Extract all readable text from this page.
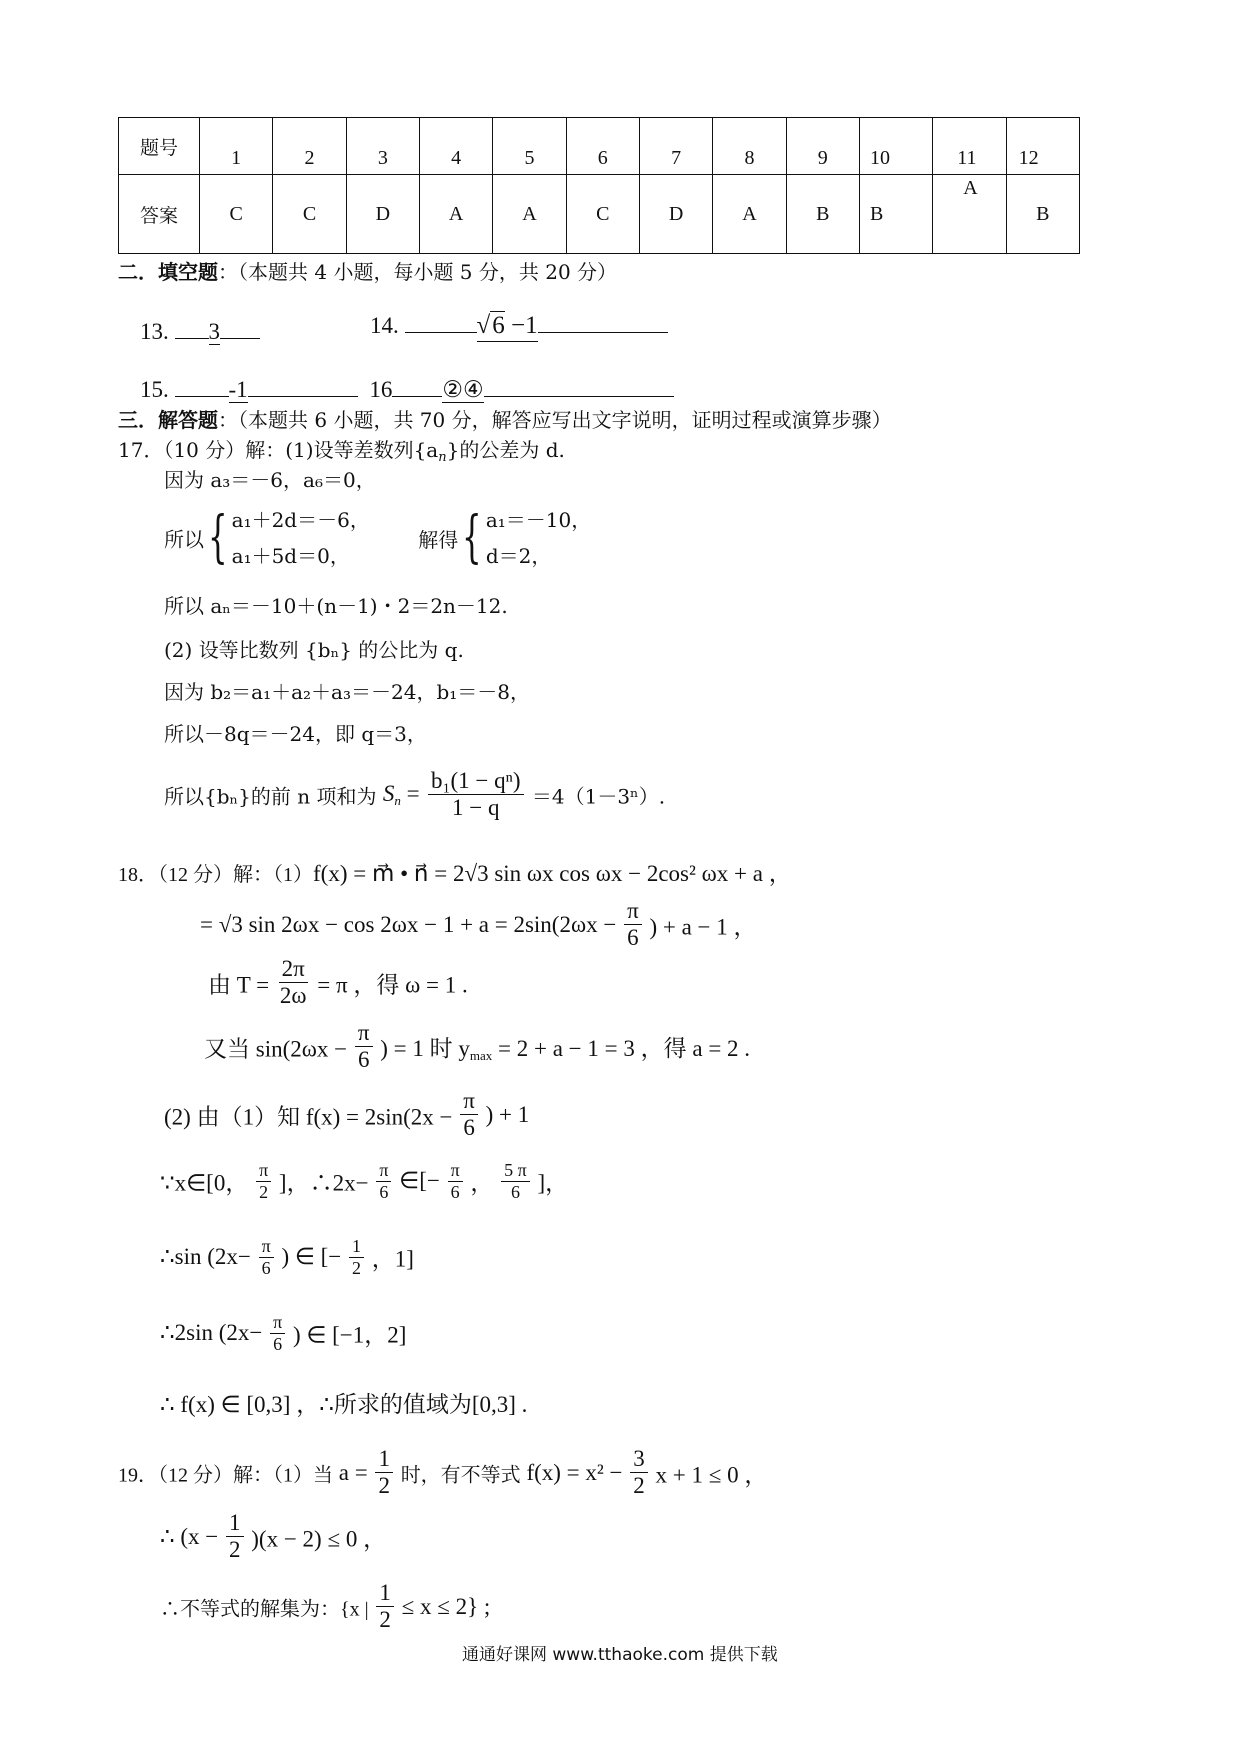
题号	1	2	3	4	5	6	7	8	9	10	11	12
答案	C	C	D	A	A	C	D	A	B	B	A	B
二．填空题：（本题共 4 小题，每小题 5 分，共 20 分）
13. 3	14.	√6 −1
15.	-1	16 ②④
三．解答题：（本题共 6 小题，共 70 分，解答应写出文字说明，证明过程或演算步骤）
17．（10 分）解：(1)设等差数列$\{a_n\}$的公差为 d.
因为 a₃＝－6，a₆＝0，
所以{ a₁＋2d＝－6，
a₁＋5d＝0，
解得{ a₁＝－10，
d＝2，
所以 aₙ＝－10＋(n－1)・2＝2n－12.
(2) 设等比数列 {bₙ} 的公比为 q.
因为 b₂＝a₁＋a₂＋a₃＝－24，b₁＝－8，
所以－8q＝－24，即 q＝3，
所以{bₙ}的前 n 项和为 $S_n = \frac{\text{b₁(1 − qⁿ)}}{1 - q} =4(1-3^n)$.
18．（12 分）解：（1）f(x) = m⃗ • n⃗ = 2√3 sin ωx cos ωx − 2cos² ωx + a ，
= √3 $\sin 2\omega x - \cos 2\omega x - 1 + a = 2\sin(2\omega x - \frac{\pi}{6}$ ) + a − 1 ，
由 $T = \frac{2\pi}{2\omega} = \pi$ ，得 ω = 1 .
又当 $\sin(2\omega x - \frac{\pi}{6}$ ) = 1 时 $y_{max} = 2 + a - 1 = 3$ ，得 a = 2 .
(2) 由（1）知 $f(x) = 2\sin(2x - \frac{\pi}{6}$ ) + 1
∵x∈[0， $\frac{\pi}{2}$ ]，∴2x− $\frac{\pi}{6}$ ∈[− $\frac{\pi}{6}$ ， $\frac{5 \pi}{6}$ ]，
∴sin ($2x- \frac{\pi}{6}$ ) ∈ [− $\frac{1}{2}$ ，1]
∴2sin ($2x- \frac{\pi}{6}$ ) ∈ [−1，2]
∴ f(x) ∈ [0,3] ，∴所求的值域为[0,3] .
19．（12 分）解：（1）当 $a = \frac{1}{2}$ 时，有不等式 $f(x) = x^2 - \frac{3}{2}$ x + 1 ≤ 0 ，
∴ $(x - \frac{1}{2} )(x - 2) \le 0$ ，
∴不等式的解集为：{x | $\frac{1}{2} \le x \le 2$} ;
通通好课网 www.tthaoke.com 提供下载
